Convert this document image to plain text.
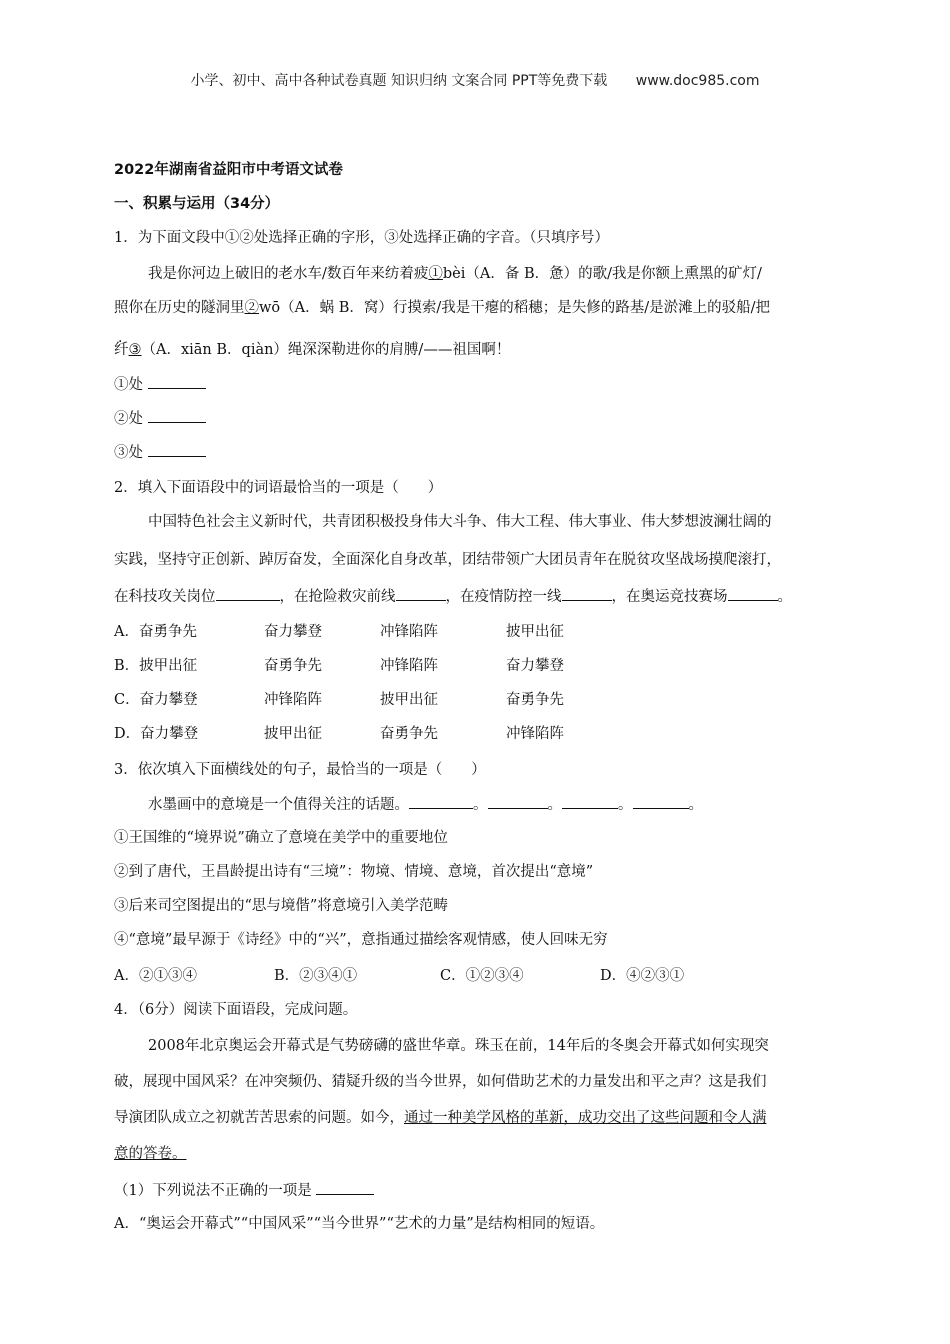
小学、初中、高中各种试卷真题 知识归纳 文案合同 PPT等免费下载 www.doc985.com
2022年湖南省益阳市中考语文试卷
一、积累与运用（34分）
1．为下面文段中①②处选择正确的字形，③处选择正确的字音。（只填序号）
我是你河边上破旧的老水车/数百年来纺着疲①bèi（A．备 B．惫）的歌/我是你额上熏黑的矿灯/
照你在历史的隧洞里②wō（A．蜗 B．窝）行摸索/我是干瘪的稻穗；是失修的路基/是淤滩上的驳船/把
纤③（A．xiān B．qiàn）绳深深勒进你的肩膊/——祖国啊！
①处
②处
③处
2．填入下面语段中的词语最恰当的一项是（　　）
中国特色社会主义新时代，共青团积极投身伟大斗争、伟大工程、伟大事业、伟大梦想波澜壮阔的
实践，坚持守正创新、踔厉奋发，全面深化自身改革，团结带领广大团员青年在脱贫攻坚战场摸爬滚打，
在科技攻关岗位	，在抢险救灾前线	，在疫情防控一线	，在奥运竞技赛场	。
A．奋勇争先	奋力攀登	冲锋陷阵	披甲出征
B．披甲出征	奋勇争先	冲锋陷阵	奋力攀登
C．奋力攀登	冲锋陷阵	披甲出征	奋勇争先
D．奋力攀登	披甲出征	奋勇争先	冲锋陷阵
3．依次填入下面横线处的句子，最恰当的一项是（　　）
水墨画中的意境是一个值得关注的话题。	。	。	。	。
①王国维的“境界说”确立了意境在美学中的重要地位
②到了唐代，王昌龄提出诗有“三境”：物境、情境、意境，首次提出“意境”
③后来司空图提出的“思与境偕”将意境引入美学范畴
④“意境”最早源于《诗经》中的“兴”，意指通过描绘客观情感，使人回味无穷
A．②①③④	B．②③④①	C．①②③④	D．④②③①
4．（6分）阅读下面语段，完成问题。
2008年北京奥运会开幕式是气势磅礴的盛世华章。珠玉在前，14年后的冬奥会开幕式如何实现突
破，展现中国风采？在冲突频仍、猜疑升级的当今世界，如何借助艺术的力量发出和平之声？这是我们
导演团队成立之初就苦苦思索的问题。如今，通过一种美学风格的革新，成功交出了这些问题和令人满
意的答卷。
（1）下列说法不正确的一项是
A．“奥运会开幕式”“中国风采”“当今世界”“艺术的力量”是结构相同的短语。
